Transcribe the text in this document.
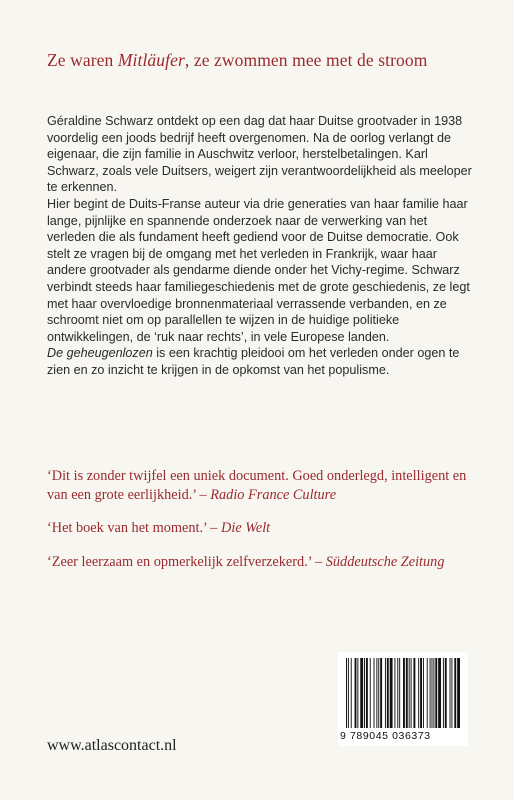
Ze waren Mitläufer, ze zwommen mee met de stroom

Géraldine Schwarz ontdekt op een dag dat haar Duitse grootvader in 1938 voordelig een joods bedrijf heeft overgenomen. Na de oorlog verlangt de eigenaar, die zijn familie in Auschwitz verloor, herstelbetalingen. Karl Schwarz, zoals vele Duitsers, weigert zijn verantwoordelijkheid als meeloper te erkennen.

Hier begint de Duits-Franse auteur via drie generaties van haar familie haar lange, pijnlijke en spannende onderzoek naar de verwerking van het verleden die als fundament heeft gediend voor de Duitse democratie. Ook stelt ze vragen bij de omgang met het verleden in Frankrijk, waar haar andere grootvader als gendarme diende onder het Vichy-regime. Schwarz verbindt steeds haar familiegeschiedenis met de grote geschiedenis, ze legt met haar overvloedige bronnenmateriaal verrassende verbanden, en ze schroomt niet om op parallellen te wijzen in de huidige politieke ontwikkelingen, de ‘ruk naar rechts’, in vele Europese landen.

De geheugenlozen is een krachtig pleidooi om het verleden onder ogen te zien en zo inzicht te krijgen in de opkomst van het populisme.

‘Dit is zonder twijfel een uniek document. Goed onderlegd, intelligent en van een grote eerlijkheid.’ – Radio France Culture

‘Het boek van het moment.’ – Die Welt

‘Zeer leerzaam en opmerkelijk zelfverzekerd.’ – Süddeutsche Zeitung

www.atlascontact.nl
9 789045 036373
